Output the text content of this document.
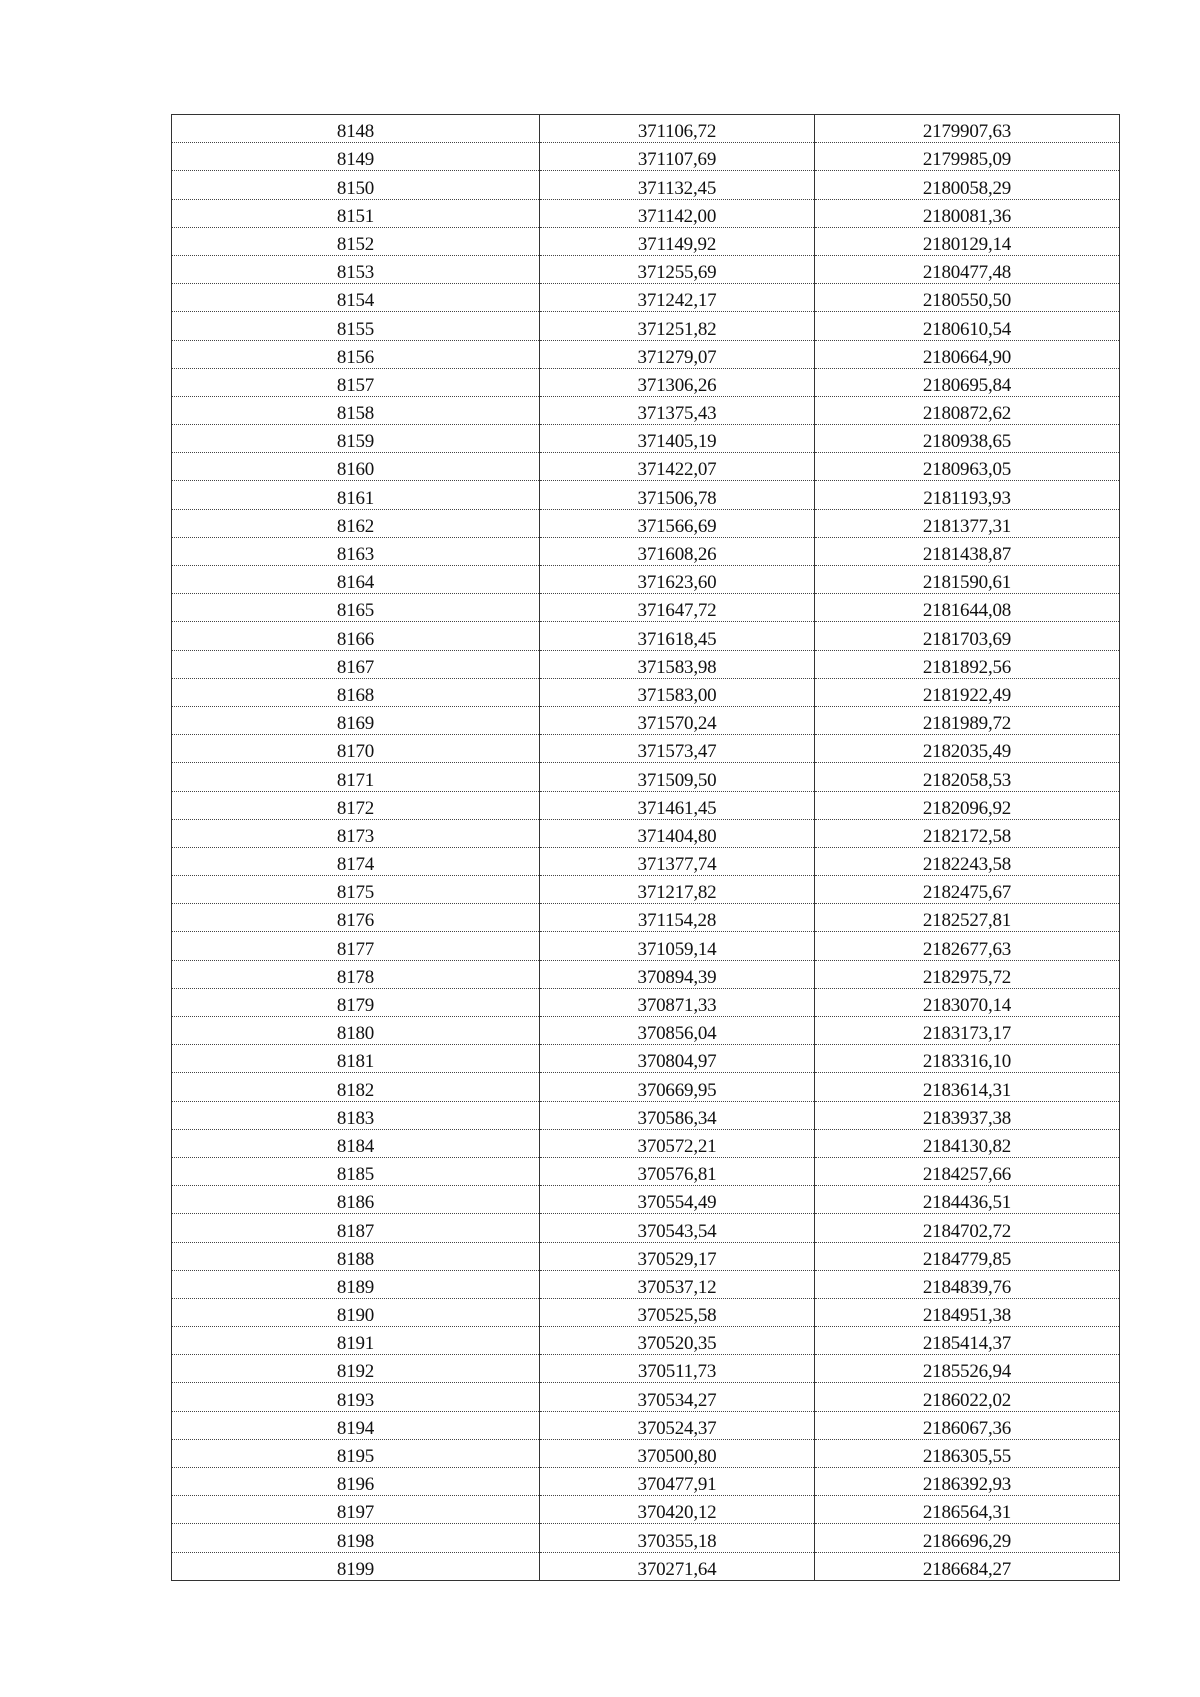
8148	371106,72	2179907,63
8149	371107,69	2179985,09
8150	371132,45	2180058,29
8151	371142,00	2180081,36
8152	371149,92	2180129,14
8153	371255,69	2180477,48
8154	371242,17	2180550,50
8155	371251,82	2180610,54
8156	371279,07	2180664,90
8157	371306,26	2180695,84
8158	371375,43	2180872,62
8159	371405,19	2180938,65
8160	371422,07	2180963,05
8161	371506,78	2181193,93
8162	371566,69	2181377,31
8163	371608,26	2181438,87
8164	371623,60	2181590,61
8165	371647,72	2181644,08
8166	371618,45	2181703,69
8167	371583,98	2181892,56
8168	371583,00	2181922,49
8169	371570,24	2181989,72
8170	371573,47	2182035,49
8171	371509,50	2182058,53
8172	371461,45	2182096,92
8173	371404,80	2182172,58
8174	371377,74	2182243,58
8175	371217,82	2182475,67
8176	371154,28	2182527,81
8177	371059,14	2182677,63
8178	370894,39	2182975,72
8179	370871,33	2183070,14
8180	370856,04	2183173,17
8181	370804,97	2183316,10
8182	370669,95	2183614,31
8183	370586,34	2183937,38
8184	370572,21	2184130,82
8185	370576,81	2184257,66
8186	370554,49	2184436,51
8187	370543,54	2184702,72
8188	370529,17	2184779,85
8189	370537,12	2184839,76
8190	370525,58	2184951,38
8191	370520,35	2185414,37
8192	370511,73	2185526,94
8193	370534,27	2186022,02
8194	370524,37	2186067,36
8195	370500,80	2186305,55
8196	370477,91	2186392,93
8197	370420,12	2186564,31
8198	370355,18	2186696,29
8199	370271,64	2186684,27
